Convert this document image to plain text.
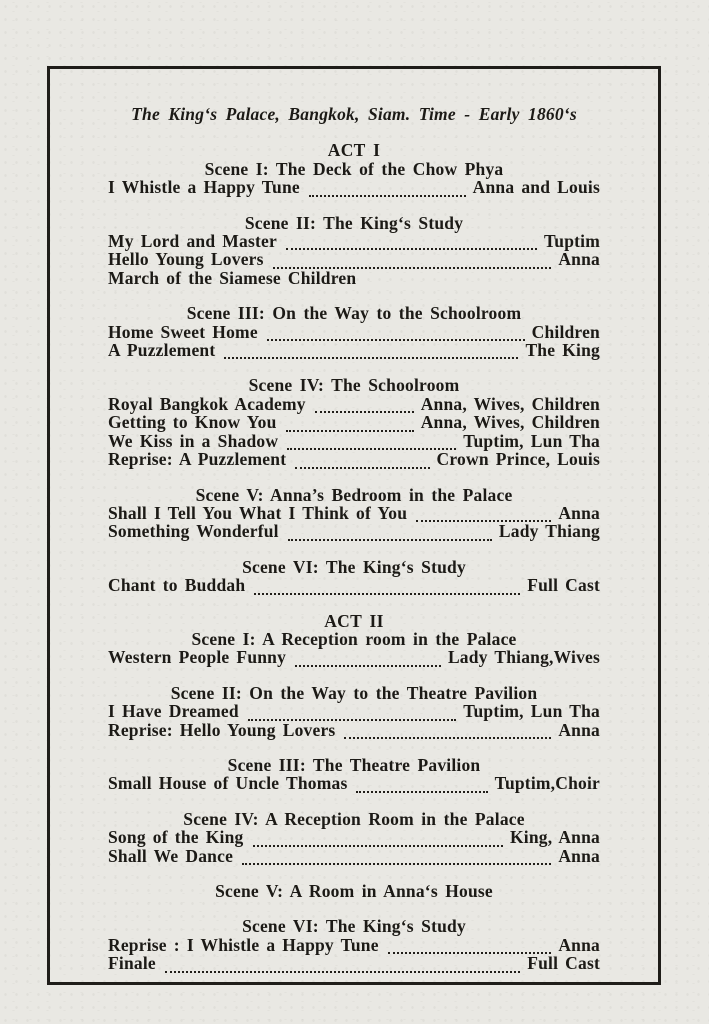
The King‘s Palace, Bangkok, Siam. Time - Early 1860‘s
ACT I
Scene I: The Deck of the Chow Phya
I Whistle a Happy Tune	Anna and Louis
Scene II: The King‘s Study
My Lord and Master	Tuptim
Hello Young Lovers	Anna
March of the Siamese Children
Scene III: On the Way to the Schoolroom
Home Sweet Home	Children
A Puzzlement	The King
Scene IV: The Schoolroom
Royal Bangkok Academy	Anna, Wives, Children
Getting to Know You	Anna, Wives, Children
We Kiss in a Shadow	Tuptim, Lun Tha
Reprise: A Puzzlement	Crown Prince, Louis
Scene V: Anna’s Bedroom in the Palace
Shall I Tell You What I Think of You	Anna
Something Wonderful	Lady Thiang
Scene VI: The King‘s Study
Chant to Buddah	Full Cast
ACT II
Scene I: A Reception room in the Palace
Western People Funny	Lady Thiang,Wives
Scene II: On the Way to the Theatre Pavilion
I Have Dreamed	Tuptim, Lun Tha
Reprise: Hello Young Lovers	Anna
Scene III: The Theatre Pavilion
Small House of Uncle Thomas	Tuptim,Choir
Scene IV: A Reception Room in the Palace
Song of the King	King, Anna
Shall We Dance	Anna
Scene V: A Room in Anna‘s House
Scene VI: The King‘s Study
Reprise : I Whistle a Happy Tune	Anna
Finale	Full Cast
